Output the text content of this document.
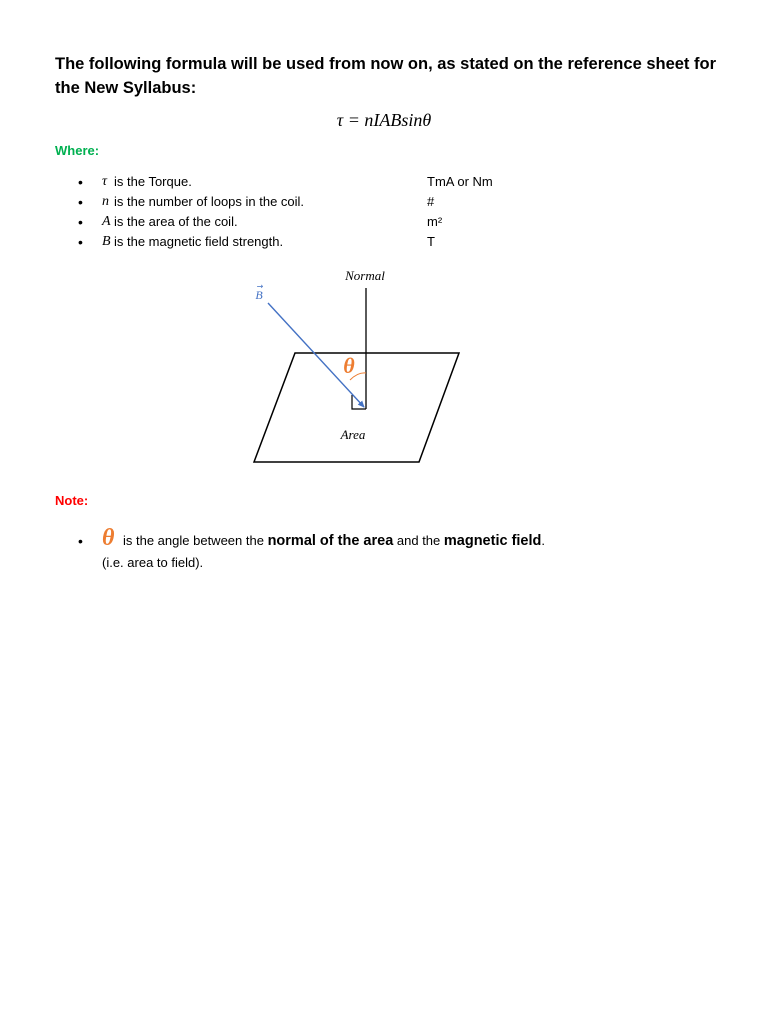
The following formula will be used from now on, as stated on the reference sheet for the New Syllabus:
τ = nIABsinθ
Where:
• τ is the Torque.	TmA or Nm
• n is the number of loops in the coil.	#
• A is the area of the coil.	m²
• B is the magnetic field strength.	T
Normal
B
→
θ
Area
Note:
• θ is the angle between the normal of the area and the magnetic field.
(i.e. area to field).
